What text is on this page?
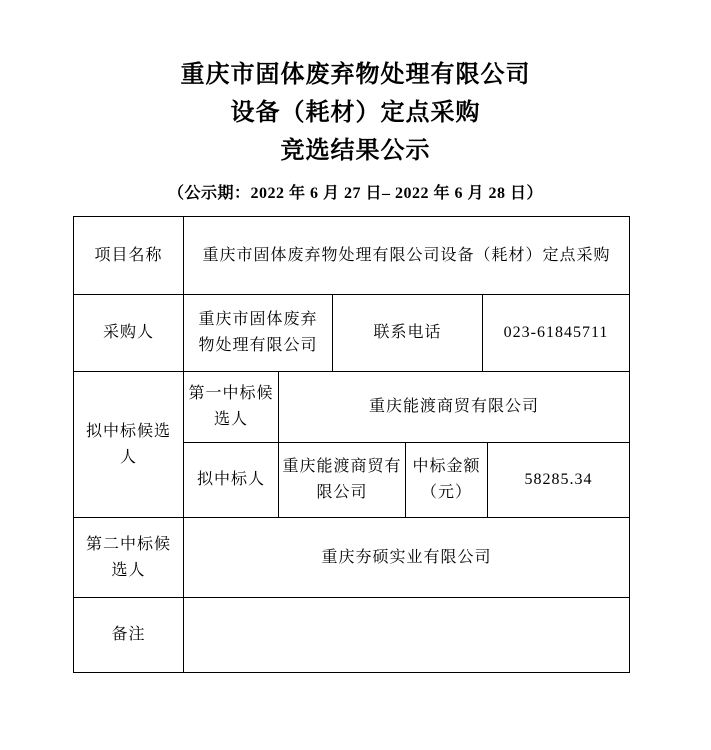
重庆市固体废弃物处理有限公司
设备（耗材）定点采购
竞选结果公示
（公示期：2022 年 6 月 27 日– 2022 年 6 月 28 日）
项目名称	重庆市固体废弃物处理有限公司设备（耗材）定点采购
采购人
重庆市固体废弃物处理有限公司
联系电话	023-61845711
拟中标候选人
第一中标候选人
重庆能渡商贸有限公司
拟中标人
重庆能渡商贸有限公司
中标金额（元）
58285.34
第二中标候选人
重庆夯硕实业有限公司
备注
